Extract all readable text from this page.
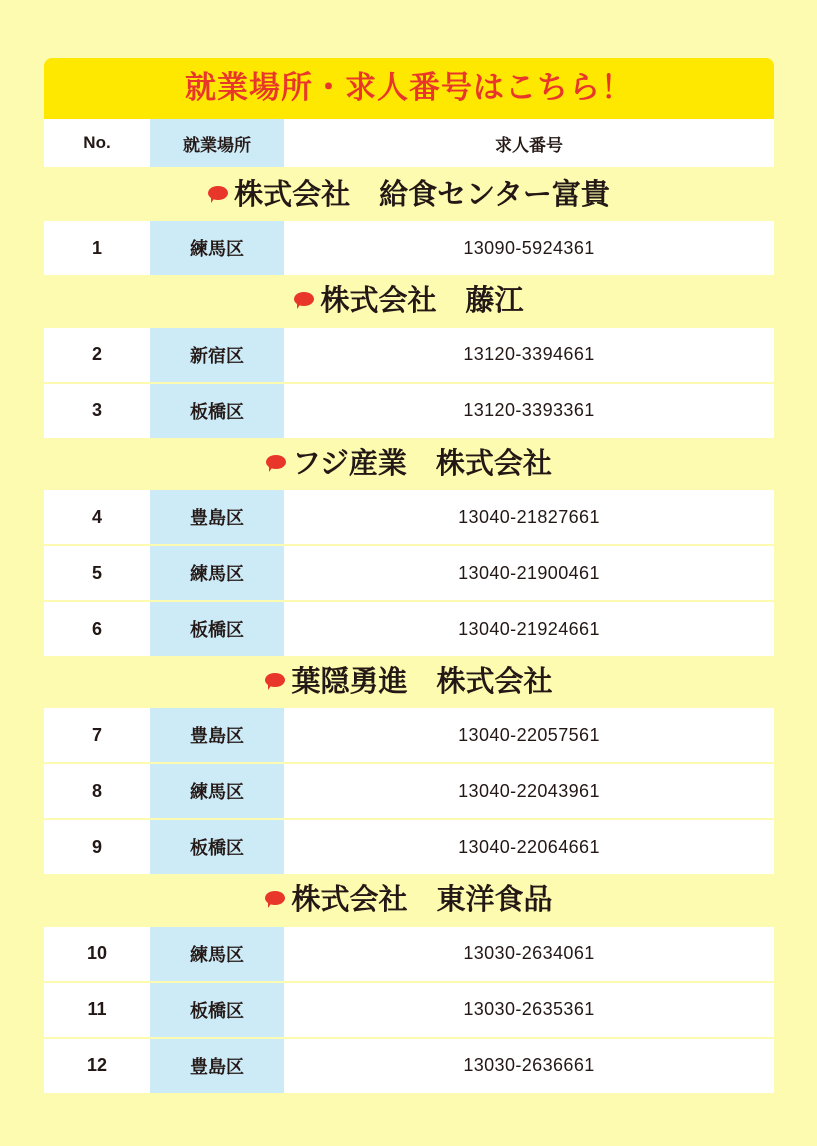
就業場所・求人番号はこちら！
No.	就業場所	求人番号

株式会社　給食センター富貴		
1	練馬区	13090-5924361

株式会社　藤江		
2	新宿区	13120-3394661
3	板橋区	13120-3393361

フジ産業　株式会社		
4	豊島区	13040-21827661
5	練馬区	13040-21900461
6	板橋区	13040-21924661

葉隠勇進　株式会社		
7	豊島区	13040-22057561
8	練馬区	13040-22043961
9	板橋区	13040-22064661

株式会社　東洋食品		
10	練馬区	13030-2634061
11	板橋区	13030-2635361
12	豊島区	13030-2636661
